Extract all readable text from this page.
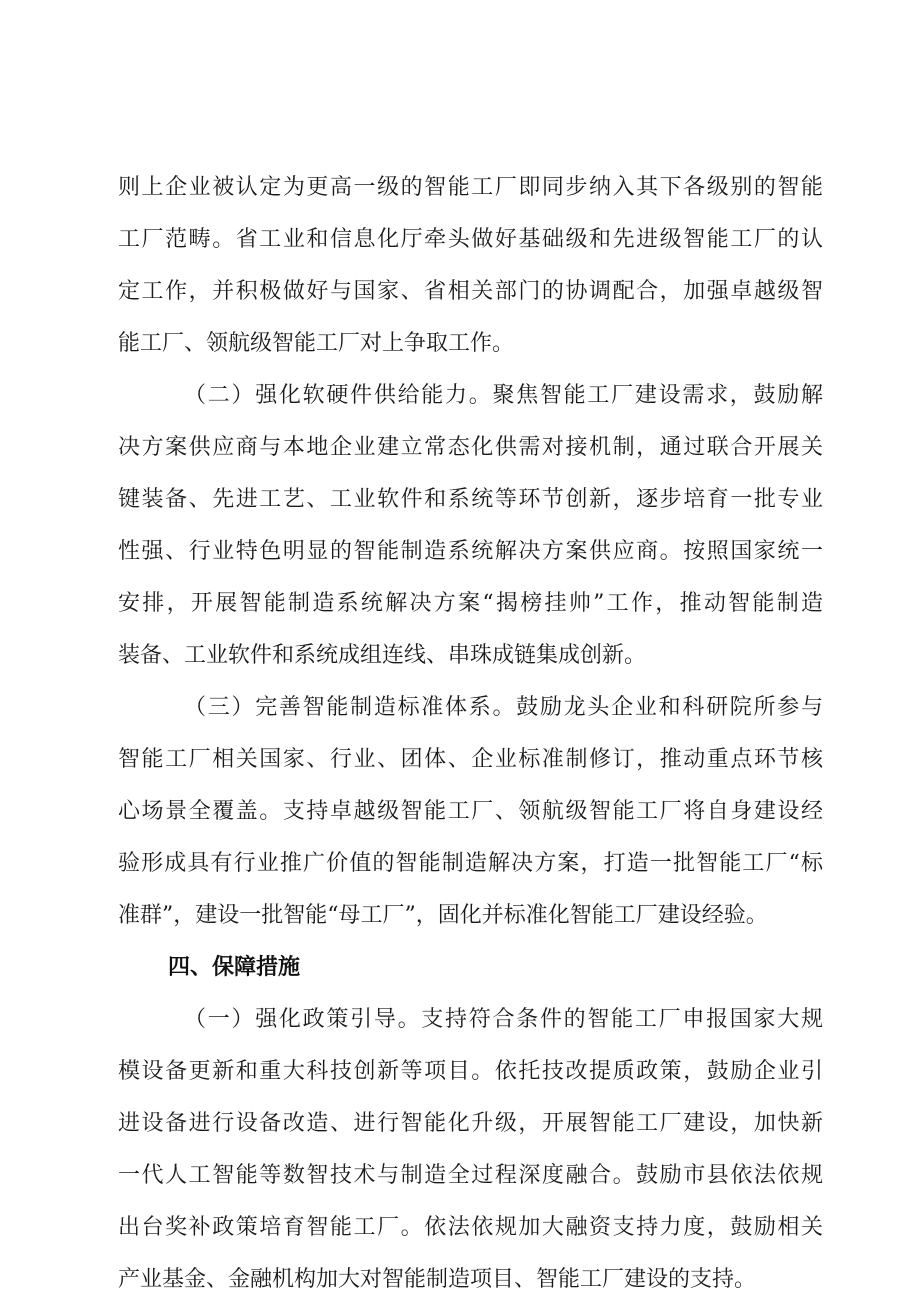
则上企业被认定为更高一级的智能工厂即同步纳入其下各级别的智能
工厂范畴。省工业和信息化厅牵头做好基础级和先进级智能工厂的认
定工作，并积极做好与国家、省相关部门的协调配合，加强卓越级智
能工厂、领航级智能工厂对上争取工作。
（二）强化软硬件供给能力。聚焦智能工厂建设需求，鼓励解
决方案供应商与本地企业建立常态化供需对接机制，通过联合开展关
键装备、先进工艺、工业软件和系统等环节创新，逐步培育一批专业
性强、行业特色明显的智能制造系统解决方案供应商。按照国家统一
安排，开展智能制造系统解决方案“揭榜挂帅”工作，推动智能制造
装备、工业软件和系统成组连线、串珠成链集成创新。
（三）完善智能制造标准体系。鼓励龙头企业和科研院所参与
智能工厂相关国家、行业、团体、企业标准制修订，推动重点环节核
心场景全覆盖。支持卓越级智能工厂、领航级智能工厂将自身建设经
验形成具有行业推广价值的智能制造解决方案，打造一批智能工厂“标
准群”，建设一批智能“母工厂”，固化并标准化智能工厂建设经验。
四、保障措施
（一）强化政策引导。支持符合条件的智能工厂申报国家大规
模设备更新和重大科技创新等项目。依托技改提质政策，鼓励企业引
进设备进行设备改造、进行智能化升级，开展智能工厂建设，加快新
一代人工智能等数智技术与制造全过程深度融合。鼓励市县依法依规
出台奖补政策培育智能工厂。依法依规加大融资支持力度，鼓励相关
产业基金、金融机构加大对智能制造项目、智能工厂建设的支持。
